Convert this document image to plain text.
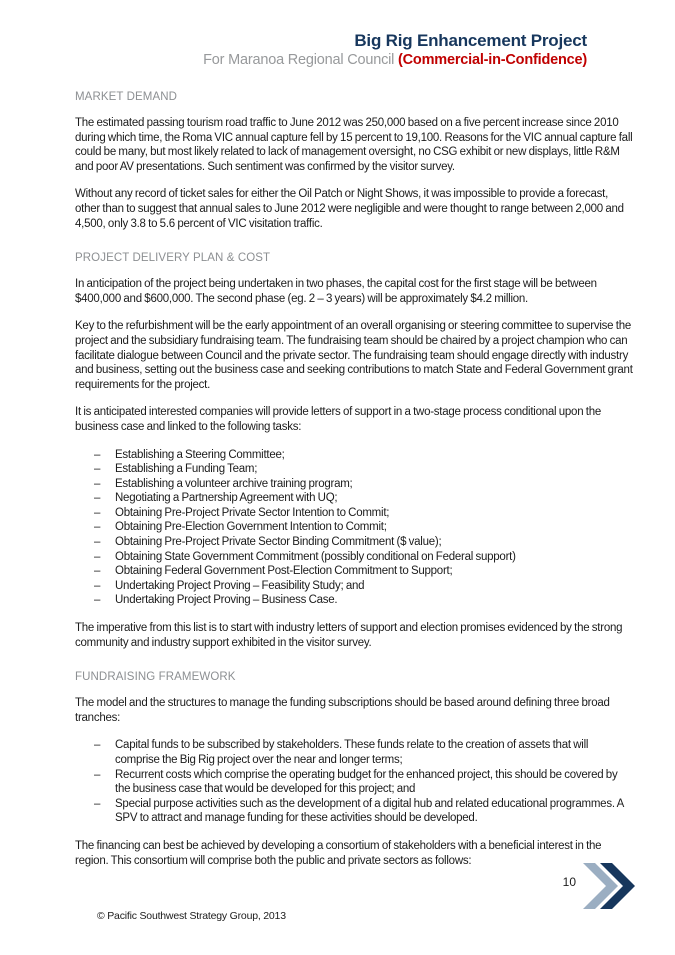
Big Rig Enhancement Project
For Maranoa Regional Council (Commercial-in-Confidence)
MARKET DEMAND

The estimated passing tourism road traffic to June 2012 was 250,000 based on a five percent increase since 2010 during which time, the Roma VIC annual capture fell by 15 percent to 19,100. Reasons for the VIC annual capture fall could be many, but most likely related to lack of management oversight, no CSG exhibit or new displays, little R&M and poor AV presentations. Such sentiment was confirmed by the visitor survey.

Without any record of ticket sales for either the Oil Patch or Night Shows, it was impossible to provide a forecast, other than to suggest that annual sales to June 2012 were negligible and were thought to range between 2,000 and 4,500, only 3.8 to 5.6 percent of VIC visitation traffic.

PROJECT DELIVERY PLAN & COST

In anticipation of the project being undertaken in two phases, the capital cost for the first stage will be between $400,000 and $600,000. The second phase (eg. 2 – 3 years) will be approximately $4.2 million.

Key to the refurbishment will be the early appointment of an overall organising or steering committee to supervise the project and the subsidiary fundraising team. The fundraising team should be chaired by a project champion who can facilitate dialogue between Council and the private sector. The fundraising team should engage directly with industry and business, setting out the business case and seeking contributions to match State and Federal Government grant requirements for the project.

It is anticipated interested companies will provide letters of support in a two-stage process conditional upon the business case and linked to the following tasks:

– Establishing a Steering Committee;
– Establishing a Funding Team;
– Establishing a volunteer archive training program;
– Negotiating a Partnership Agreement with UQ;
– Obtaining Pre-Project Private Sector Intention to Commit;
– Obtaining Pre-Election Government Intention to Commit;
– Obtaining Pre-Project Private Sector Binding Commitment ($ value);
– Obtaining State Government Commitment (possibly conditional on Federal support)
– Obtaining Federal Government Post-Election Commitment to Support;
– Undertaking Project Proving – Feasibility Study; and
– Undertaking Project Proving – Business Case.

The imperative from this list is to start with industry letters of support and election promises evidenced by the strong community and industry support exhibited in the visitor survey.

FUNDRAISING FRAMEWORK

The model and the structures to manage the funding subscriptions should be based around defining three broad tranches:

– Capital funds to be subscribed by stakeholders. These funds relate to the creation of assets that will comprise the Big Rig project over the near and longer terms;
– Recurrent costs which comprise the operating budget for the enhanced project, this should be covered by the business case that would be developed for this project; and
– Special purpose activities such as the development of a digital hub and related educational programmes. A SPV to attract and manage funding for these activities should be developed.

The financing can best be achieved by developing a consortium of stakeholders with a beneficial interest in the region. This consortium will comprise both the public and private sectors as follows:

10
© Pacific Southwest Strategy Group, 2013
